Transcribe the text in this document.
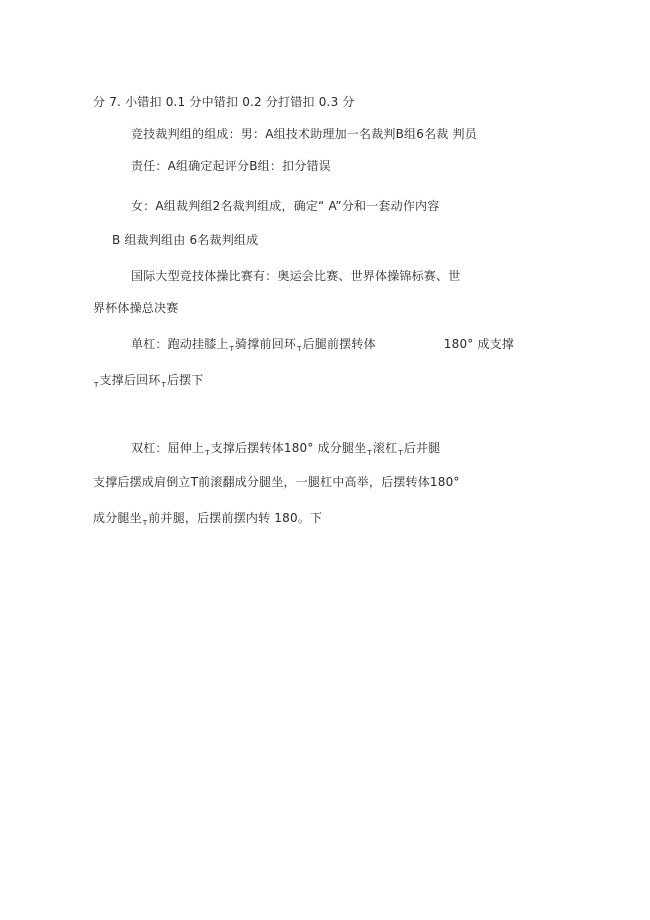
分 7. 小错扣 0.1 分中错扣 0.2 分打错扣 0.3 分
竞技裁判组的组成：男：A组技术助理加一名裁判B组6名裁 判员
责任：A组确定起评分B组：扣分错误
女：A组裁判组2名裁判组成，确定“ A”分和一套动作内容
B 组裁判组由 6名裁判组成
国际大型竞技体操比赛有：奥运会比赛、世界体操锦标赛、世
界杯体操总决赛
单杠：跑动挂膝上$_T$骑撑前回环$_T$后腿前摆转体	180° 成支撑
$_T$支撑后回环$_T$后摆下
双杠：屈伸上$_T$支撑后摆转体180° 成分腿坐$_T$滚杠$_T$后并腿
支撑后摆成肩倒立T前滚翻成分腿坐，一腿杠中高举，后摆转体180°
成分腿坐$_T$前并腿，后摆前摆内转 180。下
